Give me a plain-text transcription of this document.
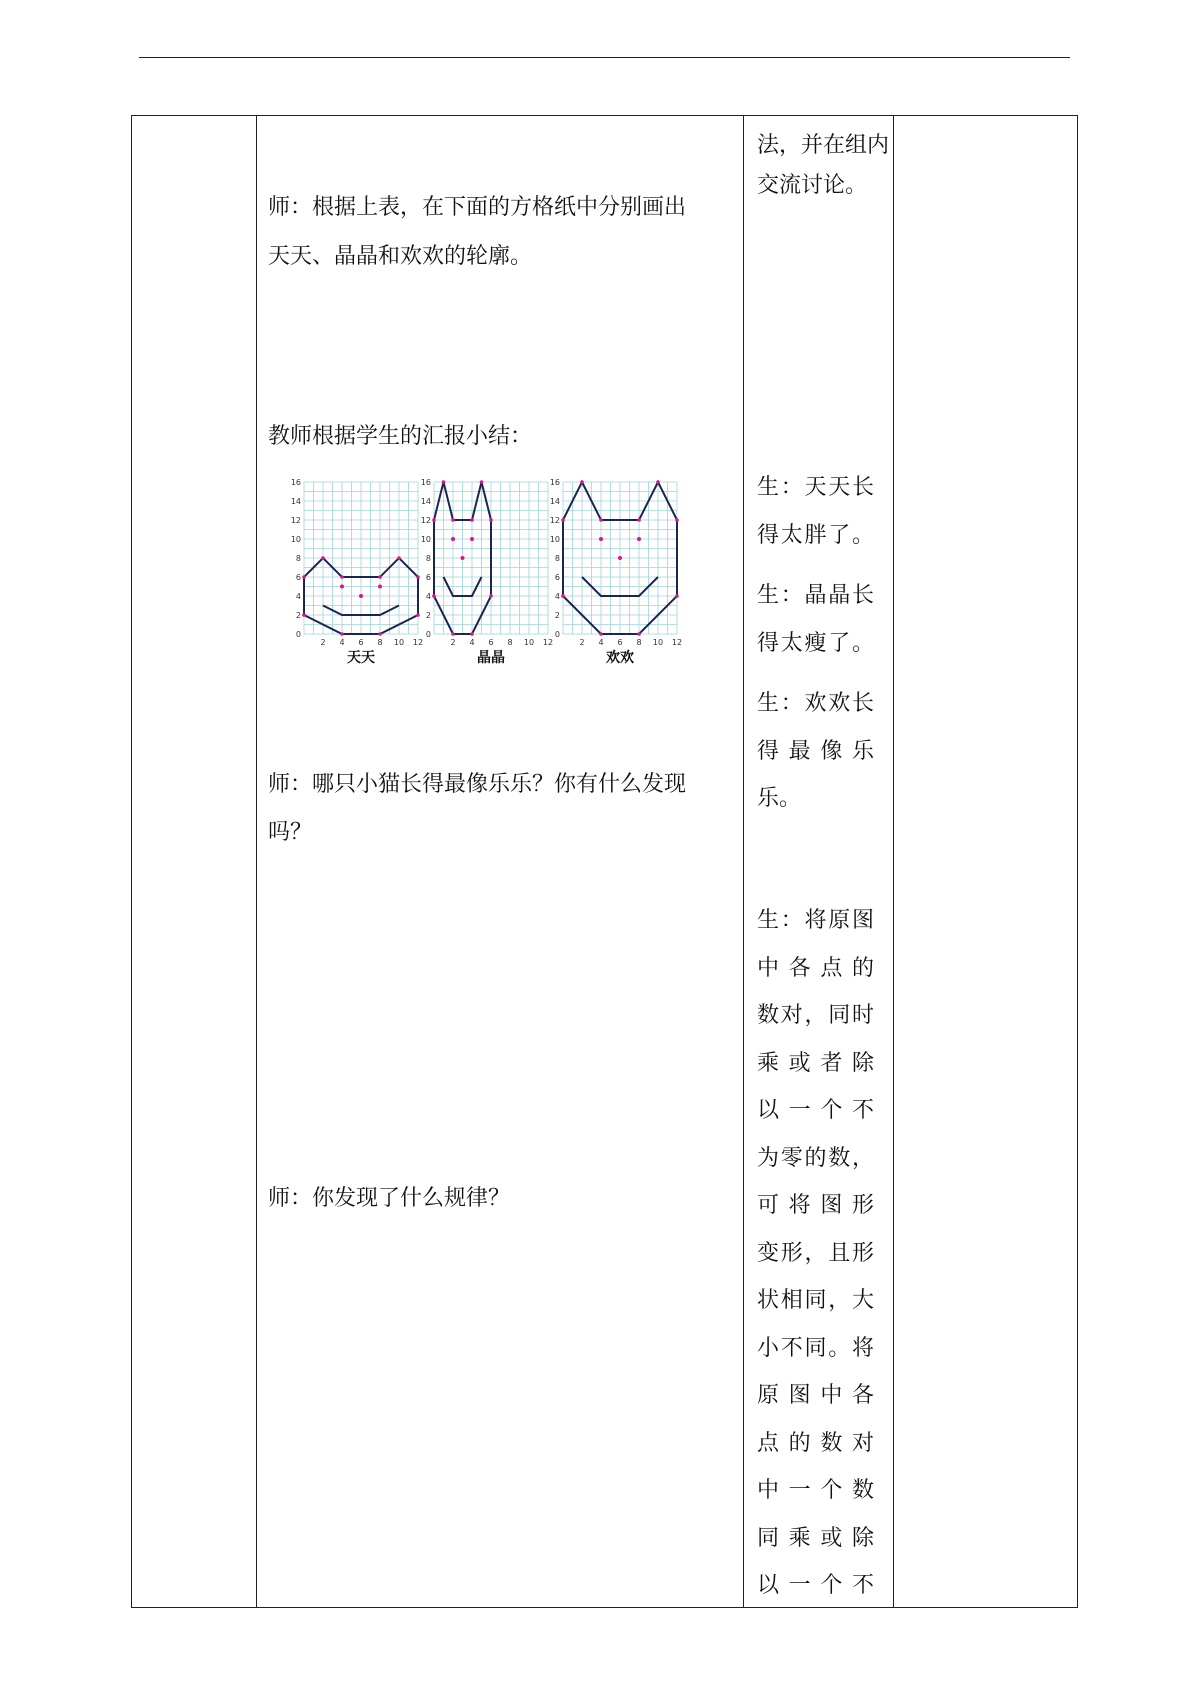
师：根据上表，在下面的方格纸中分别画出
天天、晶晶和欢欢的轮廓。
教师根据学生的汇报小结：
师：哪只小猫长得最像乐乐？你有什么发现
吗？
师：你发现了什么规律？
法，并在组内
交流讨论。
生：天天长
得太胖了。
生：晶晶长
得太瘦了。
生：欢欢长
得 最 像 乐
乐。
生：将原图
中 各 点 的
数对，同时
乘 或 者 除
以 一 个 不
为零的数，
可 将 图 形
变形，且形
状相同，大
小不同。将
原 图 中 各
点 的 数 对
中 一 个 数
同 乘 或 除
以 一 个 不
0
2
4
6
8
10
12
14
16
2 4 6 8 10 12
天天
0
2
4
6
8
10
12
14
16
2 4 6 8 10 12
晶晶
0
2
4
6
8
10
12
14
16
2 4 6 8 10 12
欢欢
